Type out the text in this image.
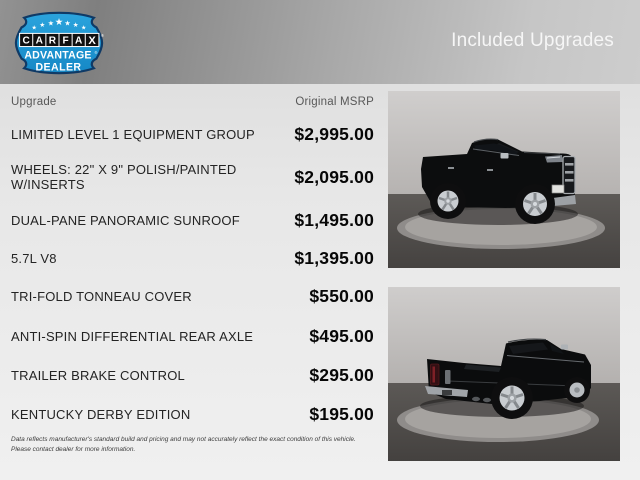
★ ★ ★ ★ ★ ★ ★
C A R F A X ®
ADVANTAGE ®
DEALER
Included Upgrades
Upgrade	Original MSRP
LIMITED LEVEL 1 EQUIPMENT GROUP $2,995.00
WHEELS: 22" X 9" POLISH/PAINTED W/INSERTS	$2,095.00
DUAL-PANE PANORAMIC SUNROOF	$1,495.00
5.7L V8	$1,395.00
TRI-FOLD TONNEAU COVER	$550.00
ANTI-SPIN DIFFERENTIAL REAR AXLE	$495.00
TRAILER BRAKE CONTROL	$295.00
KENTUCKY DERBY EDITION	$195.00
Data reflects manufacturer's standard build and pricing and may not accurately reflect the exact condition of this vehicle.
Please contact dealer for more information.
